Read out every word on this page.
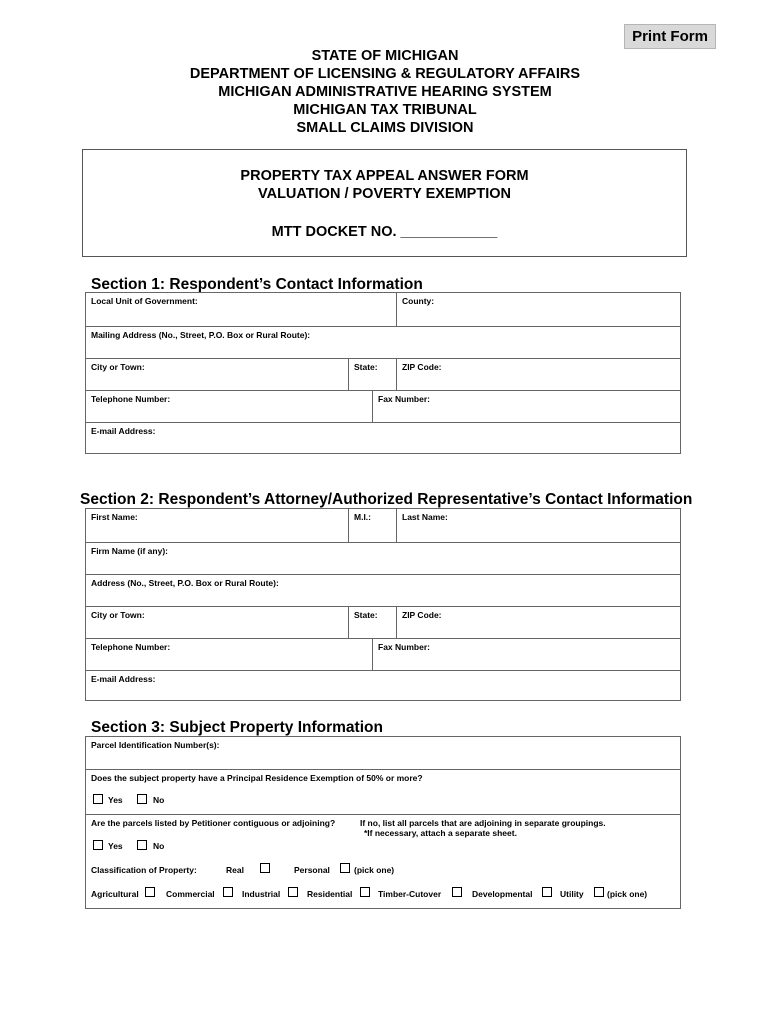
Print Form
STATE OF MICHIGAN
DEPARTMENT OF LICENSING & REGULATORY AFFAIRS
MICHIGAN ADMINISTRATIVE HEARING SYSTEM
MICHIGAN TAX TRIBUNAL
SMALL CLAIMS DIVISION
PROPERTY TAX APPEAL ANSWER FORM
VALUATION / POVERTY EXEMPTION
MTT DOCKET NO. ____________
Section 1: Respondent’s Contact Information
Local Unit of Government:	County:
Mailing Address (No., Street, P.O. Box or Rural Route):
City or Town:	State:	ZIP Code:
Telephone Number:	Fax Number:
E-mail Address:
Section 2: Respondent’s Attorney/Authorized Representative’s Contact Information
First Name:	M.I.:	Last Name:
Firm Name (if any):
Address (No., Street, P.O. Box or Rural Route):
City or Town:	State:	ZIP Code:
Telephone Number:	Fax Number:
E-mail Address:
Section 3: Subject Property Information
Parcel Identification Number(s):
Does the subject property have a Principal Residence Exemption of 50% or more?
Yes	No
Are the parcels listed by Petitioner contiguous or adjoining?	If no, list all parcels that are adjoining in separate groupings.
*If necessary, attach a separate sheet.
Yes	No
Classification of Property:	Real	Personal	(pick one)
Agricultural	Commercial	Industrial	Residential	Timber-Cutover	Developmental	Utility	(pick one)
